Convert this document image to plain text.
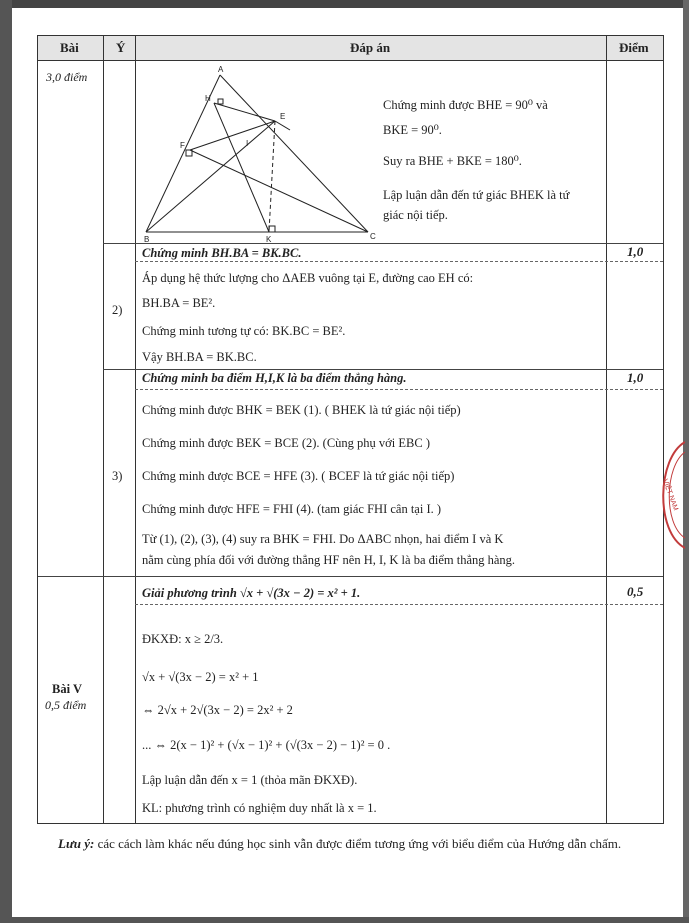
Bài	Ý	Đáp án	Điểm
3,0 điểm
A
H
E
F	I
B	K	C
Chứng minh được BHE = 90⁰ và
BKE = 90⁰.
Suy ra BHE + BKE = 180⁰.
Lập luận dẫn đến tứ giác BHEK là tứ
giác nội tiếp.
2)
Chứng minh BH.BA = BK.BC.	1,0
Áp dụng hệ thức lượng cho ΔAEB vuông tại E, đường cao EH có:
BH.BA = BE².
Chứng minh tương tự có: BK.BC = BE².
Vậy BH.BA = BK.BC.
3)
Chứng minh ba điểm H,I,K là ba điểm thẳng hàng.	1,0
Chứng minh được BHK = BEK (1). ( BHEK là tứ giác nội tiếp)
Chứng minh được BEK = BCE (2). (Cùng phụ với EBC )
Chứng minh được BCE = HFE (3). ( BCEF là tứ giác nội tiếp)
Chứng minh được HFE = FHI (4). (tam giác FHI cân tại I. )
Từ (1), (2), (3), (4) suy ra BHK = FHI. Do ΔABC nhọn, hai điểm I và K
nằm cùng phía đối với đường thẳng HF nên H, I, K là ba điểm thẳng hàng.
Bài V
0,5 điểm
Giải phương trình √x + √(3x − 2) = x² + 1.	0,5
ĐKXĐ: x ≥ 2/3.
√x + √(3x − 2) = x² + 1
⇔ 2√x + 2√(3x − 2) = 2x² + 2
... ⇔ 2(x − 1)² + (√x − 1)² + (√(3x − 2) − 1)² = 0 .
Lập luận dẫn đến x = 1 (thỏa mãn ĐKXĐ).
KL: phương trình có nghiệm duy nhất là x = 1.
Lưu ý: các cách làm khác nếu đúng học sinh vẫn được điểm tương ứng với biểu điểm của Hướng dẫn chấm.
VIỆT NAM
